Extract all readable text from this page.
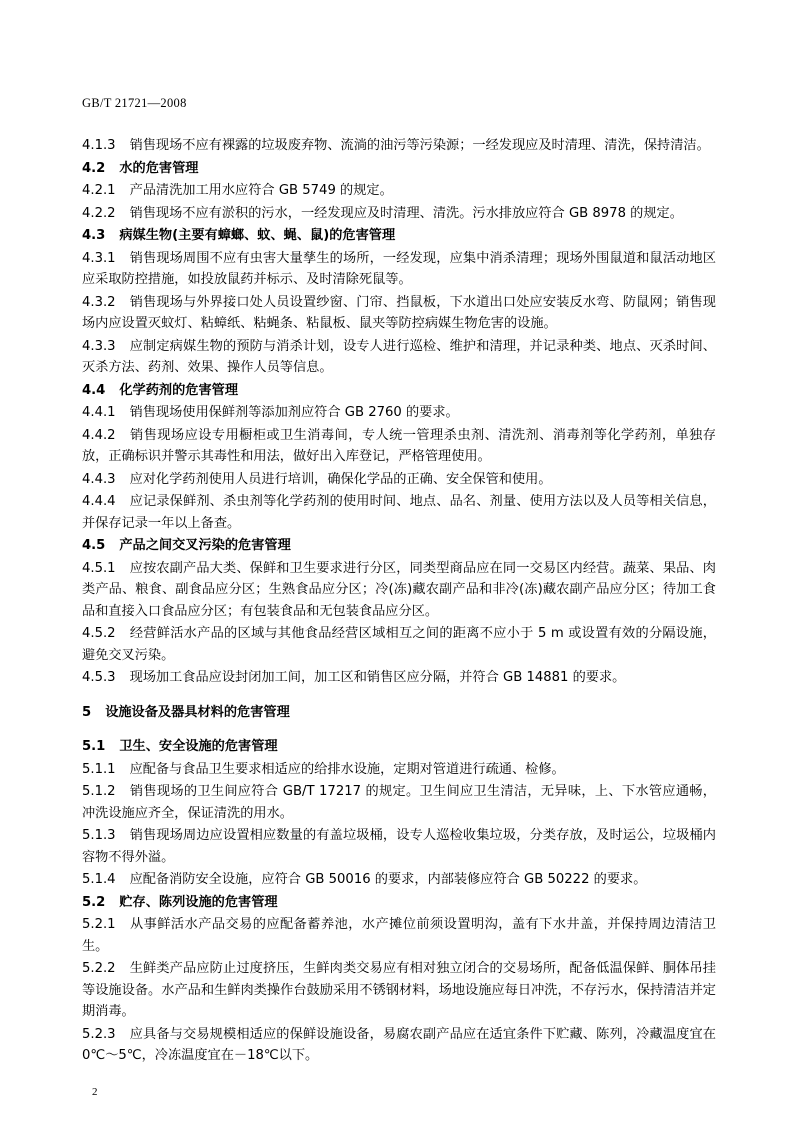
GB/T 21721—2008

4.1.3  销售现场不应有裸露的垃圾废弃物、流淌的油污等污染源；一经发现应及时清理、清洗，保持清洁。

4.2  水的危害管理

4.2.1  产品清洗加工用水应符合 GB 5749 的规定。

4.2.2  销售现场不应有淤积的污水，一经发现应及时清理、清洗。污水排放应符合 GB 8978 的规定。

4.3  病媒生物(主要有蟑螂、蚊、蝇、鼠)的危害管理

4.3.1  销售现场周围不应有虫害大量孳生的场所，一经发现，应集中消杀清理；现场外围鼠道和鼠活动地区应采取防控措施，如投放鼠药并标示、及时清除死鼠等。

4.3.2  销售现场与外界接口处人员设置纱窗、门帘、挡鼠板，下水道出口处应安装反水弯、防鼠网；销售现场内应设置灭蚊灯、粘蟑纸、粘蝇条、粘鼠板、鼠夹等防控病媒生物危害的设施。

4.3.3  应制定病媒生物的预防与消杀计划，设专人进行巡检、维护和清理，并记录种类、地点、灭杀时间、灭杀方法、药剂、效果、操作人员等信息。

4.4  化学药剂的危害管理

4.4.1  销售现场使用保鲜剂等添加剂应符合 GB 2760 的要求。

4.4.2  销售现场应设专用橱柜或卫生消毒间，专人统一管理杀虫剂、清洗剂、消毒剂等化学药剂，单独存放，正确标识并警示其毒性和用法，做好出入库登记，严格管理使用。

4.4.3  应对化学药剂使用人员进行培训，确保化学品的正确、安全保管和使用。

4.4.4  应记录保鲜剂、杀虫剂等化学药剂的使用时间、地点、品名、剂量、使用方法以及人员等相关信息，并保存记录一年以上备查。

4.5  产品之间交叉污染的危害管理

4.5.1  应按农副产品大类、保鲜和卫生要求进行分区，同类型商品应在同一交易区内经营。蔬菜、果品、肉类产品、粮食、副食品应分区；生熟食品应分区；冷(冻)藏农副产品和非冷(冻)藏农副产品应分区；待加工食品和直接入口食品应分区；有包装食品和无包装食品应分区。

4.5.2  经营鲜活水产品的区域与其他食品经营区域相互之间的距离不应小于 5 m 或设置有效的分隔设施，避免交叉污染。

4.5.3  现场加工食品应设封闭加工间，加工区和销售区应分隔，并符合 GB 14881 的要求。

5  设施设备及器具材料的危害管理

5.1  卫生、安全设施的危害管理

5.1.1  应配备与食品卫生要求相适应的给排水设施，定期对管道进行疏通、检修。

5.1.2  销售现场的卫生间应符合 GB/T 17217 的规定。卫生间应卫生清洁，无异味，上、下水管应通畅，冲洗设施应齐全，保证清洗的用水。

5.1.3  销售现场周边应设置相应数量的有盖垃圾桶，设专人巡检收集垃圾，分类存放，及时运公，垃圾桶内容物不得外溢。

5.1.4  应配备消防安全设施，应符合 GB 50016 的要求，内部装修应符合 GB 50222 的要求。

5.2  贮存、陈列设施的危害管理

5.2.1  从事鲜活水产品交易的应配备蓄养池，水产摊位前须设置明沟，盖有下水井盖，并保持周边清洁卫生。

5.2.2  生鲜类产品应防止过度挤压，生鲜肉类交易应有相对独立闭合的交易场所，配备低温保鲜、胴体吊挂等设施设备。水产品和生鲜肉类操作台鼓励采用不锈钢材料，场地设施应每日冲洗，不存污水，保持清洁并定期消毒。

5.2.3  应具备与交易规模相适应的保鲜设施设备，易腐农副产品应在适宜条件下贮藏、陈列，冷藏温度宜在 0℃～5℃，冷冻温度宜在－18℃以下。

2
